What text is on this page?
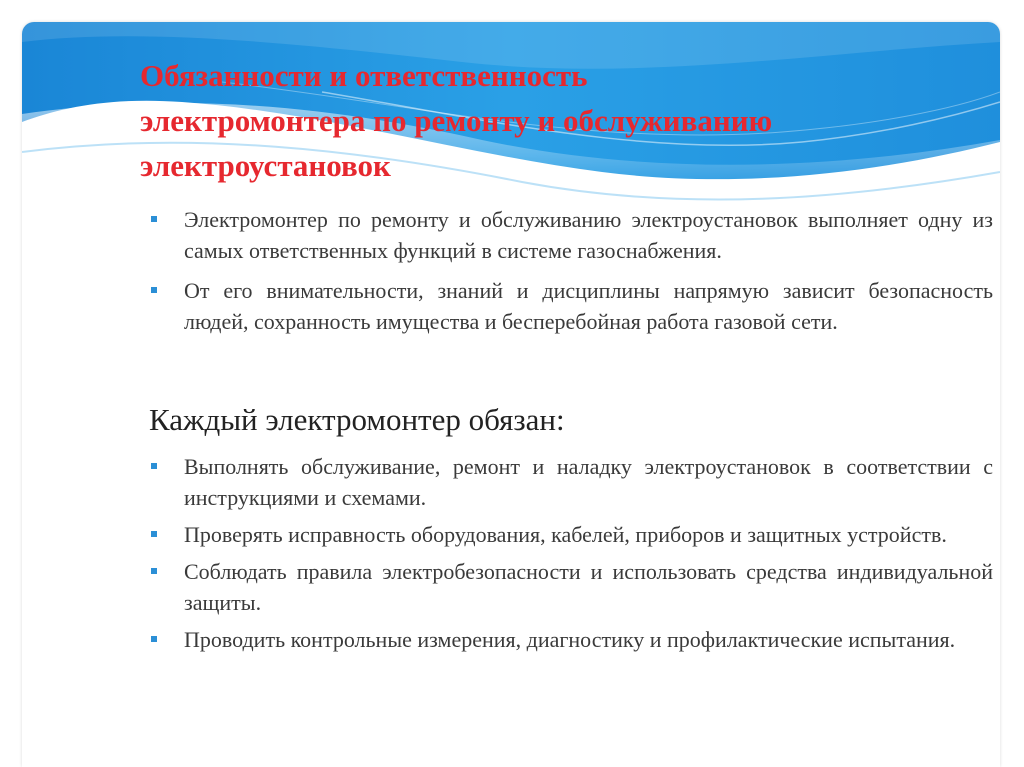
Обязанности и ответственность
электромонтера по ремонту и обслуживанию
электроустановок
Электромонтер по ремонту и обслуживанию электроустановок выполняет одну из самых ответственных функций в системе газоснабжения.
От его внимательности, знаний и дисциплины напрямую зависит безопасность людей, сохранность имущества и бесперебойная работа газовой сети.
Каждый электромонтер обязан:
Выполнять обслуживание, ремонт и наладку электроустановок в соответствии с инструкциями и схемами.
Проверять исправность оборудования, кабелей, приборов и защитных устройств.
Соблюдать правила электробезопасности и использовать средства индивидуальной защиты.
Проводить контрольные измерения, диагностику и профилактические испытания.
